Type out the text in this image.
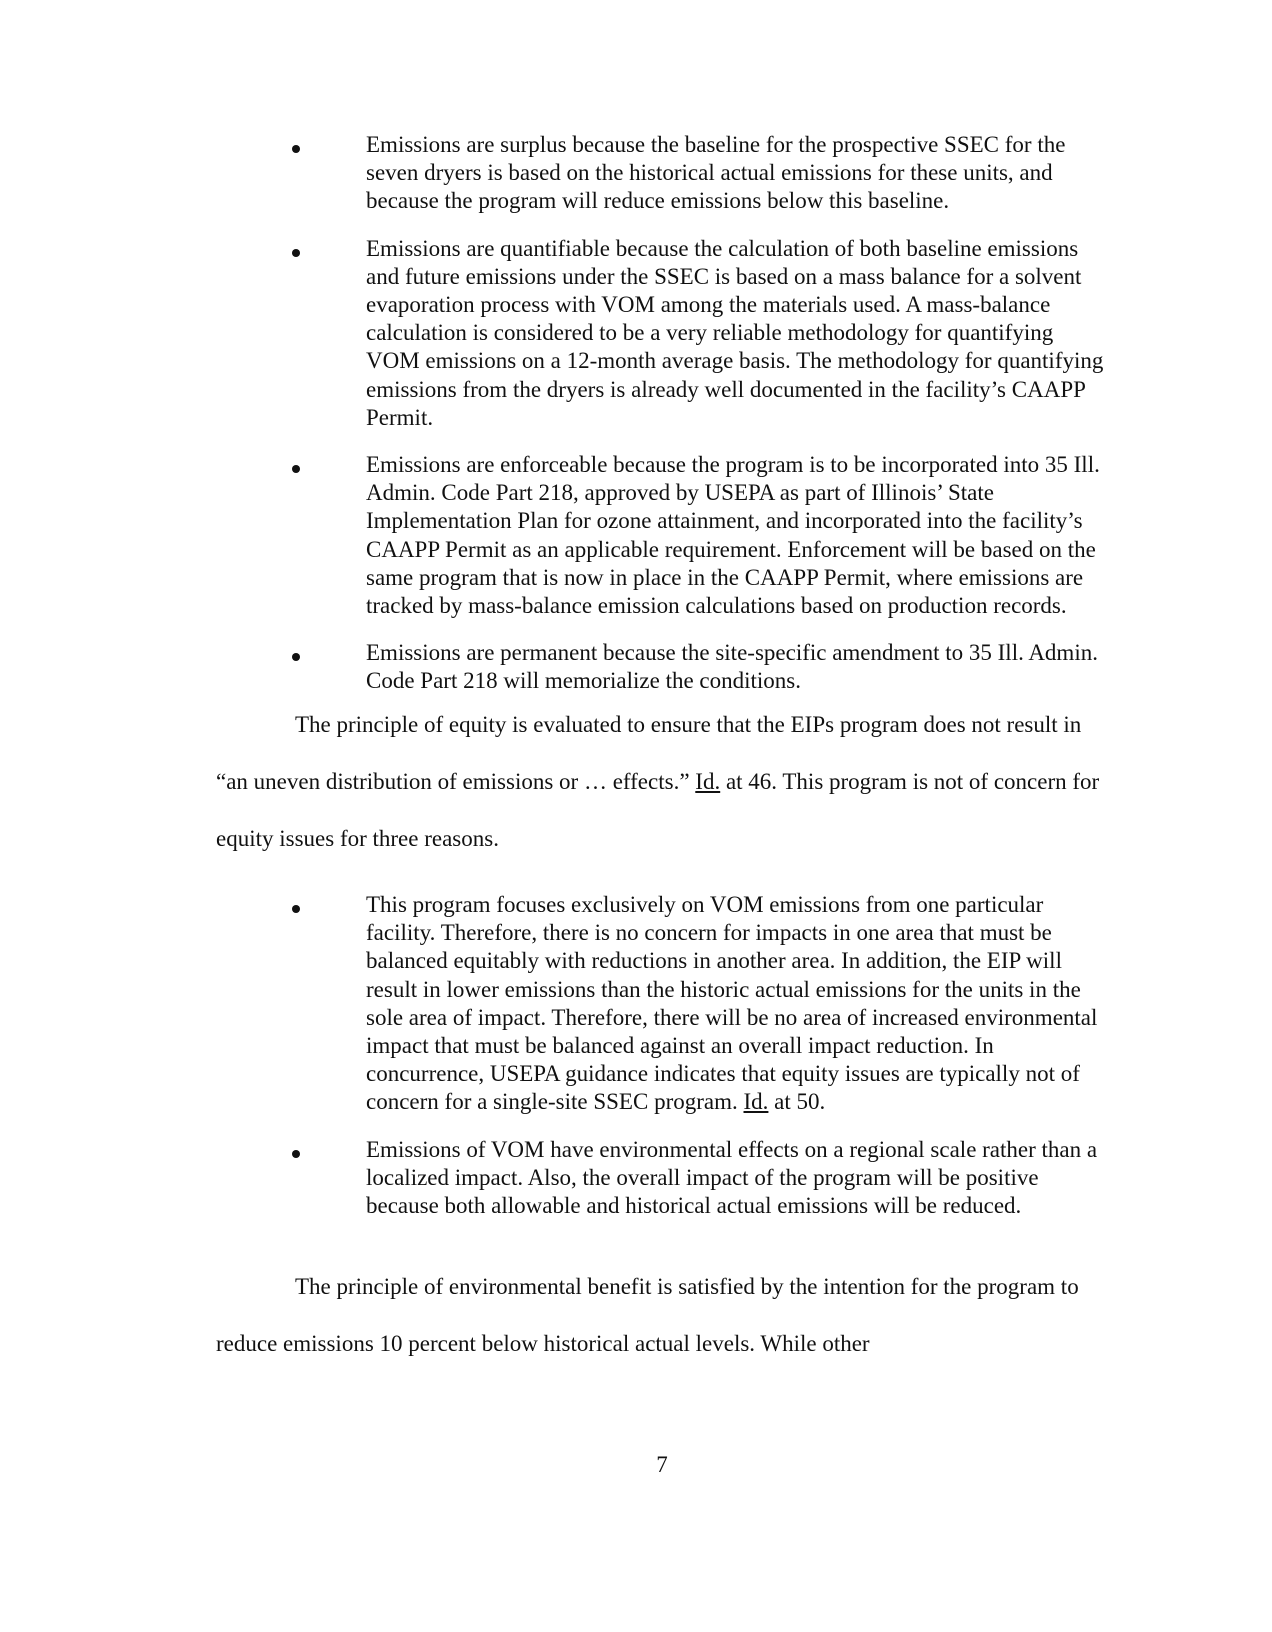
Emissions are surplus because the baseline for the prospective SSEC for the seven dryers is based on the historical actual emissions for these units, and because the program will reduce emissions below this baseline.
Emissions are quantifiable because the calculation of both baseline emissions and future emissions under the SSEC is based on a mass balance for a solvent evaporation process with VOM among the materials used. A mass-balance calculation is considered to be a very reliable methodology for quantifying VOM emissions on a 12-month average basis. The methodology for quantifying emissions from the dryers is already well documented in the facility’s CAAPP Permit.
Emissions are enforceable because the program is to be incorporated into 35 Ill. Admin. Code Part 218, approved by USEPA as part of Illinois’ State Implementation Plan for ozone attainment, and incorporated into the facility’s CAAPP Permit as an applicable requirement. Enforcement will be based on the same program that is now in place in the CAAPP Permit, where emissions are tracked by mass-balance emission calculations based on production records.
Emissions are permanent because the site-specific amendment to 35 Ill. Admin. Code Part 218 will memorialize the conditions.

The principle of equity is evaluated to ensure that the EIPs program does not result in “an uneven distribution of emissions or … effects.” Id. at 46. This program is not of concern for equity issues for three reasons.

This program focuses exclusively on VOM emissions from one particular facility. Therefore, there is no concern for impacts in one area that must be balanced equitably with reductions in another area. In addition, the EIP will result in lower emissions than the historic actual emissions for the units in the sole area of impact. Therefore, there will be no area of increased environmental impact that must be balanced against an overall impact reduction. In concurrence, USEPA guidance indicates that equity issues are typically not of concern for a single-site SSEC program. Id. at 50.
Emissions of VOM have environmental effects on a regional scale rather than a localized impact. Also, the overall impact of the program will be positive because both allowable and historical actual emissions will be reduced.

The principle of environmental benefit is satisfied by the intention for the program to reduce emissions 10 percent below historical actual levels. While other

7
